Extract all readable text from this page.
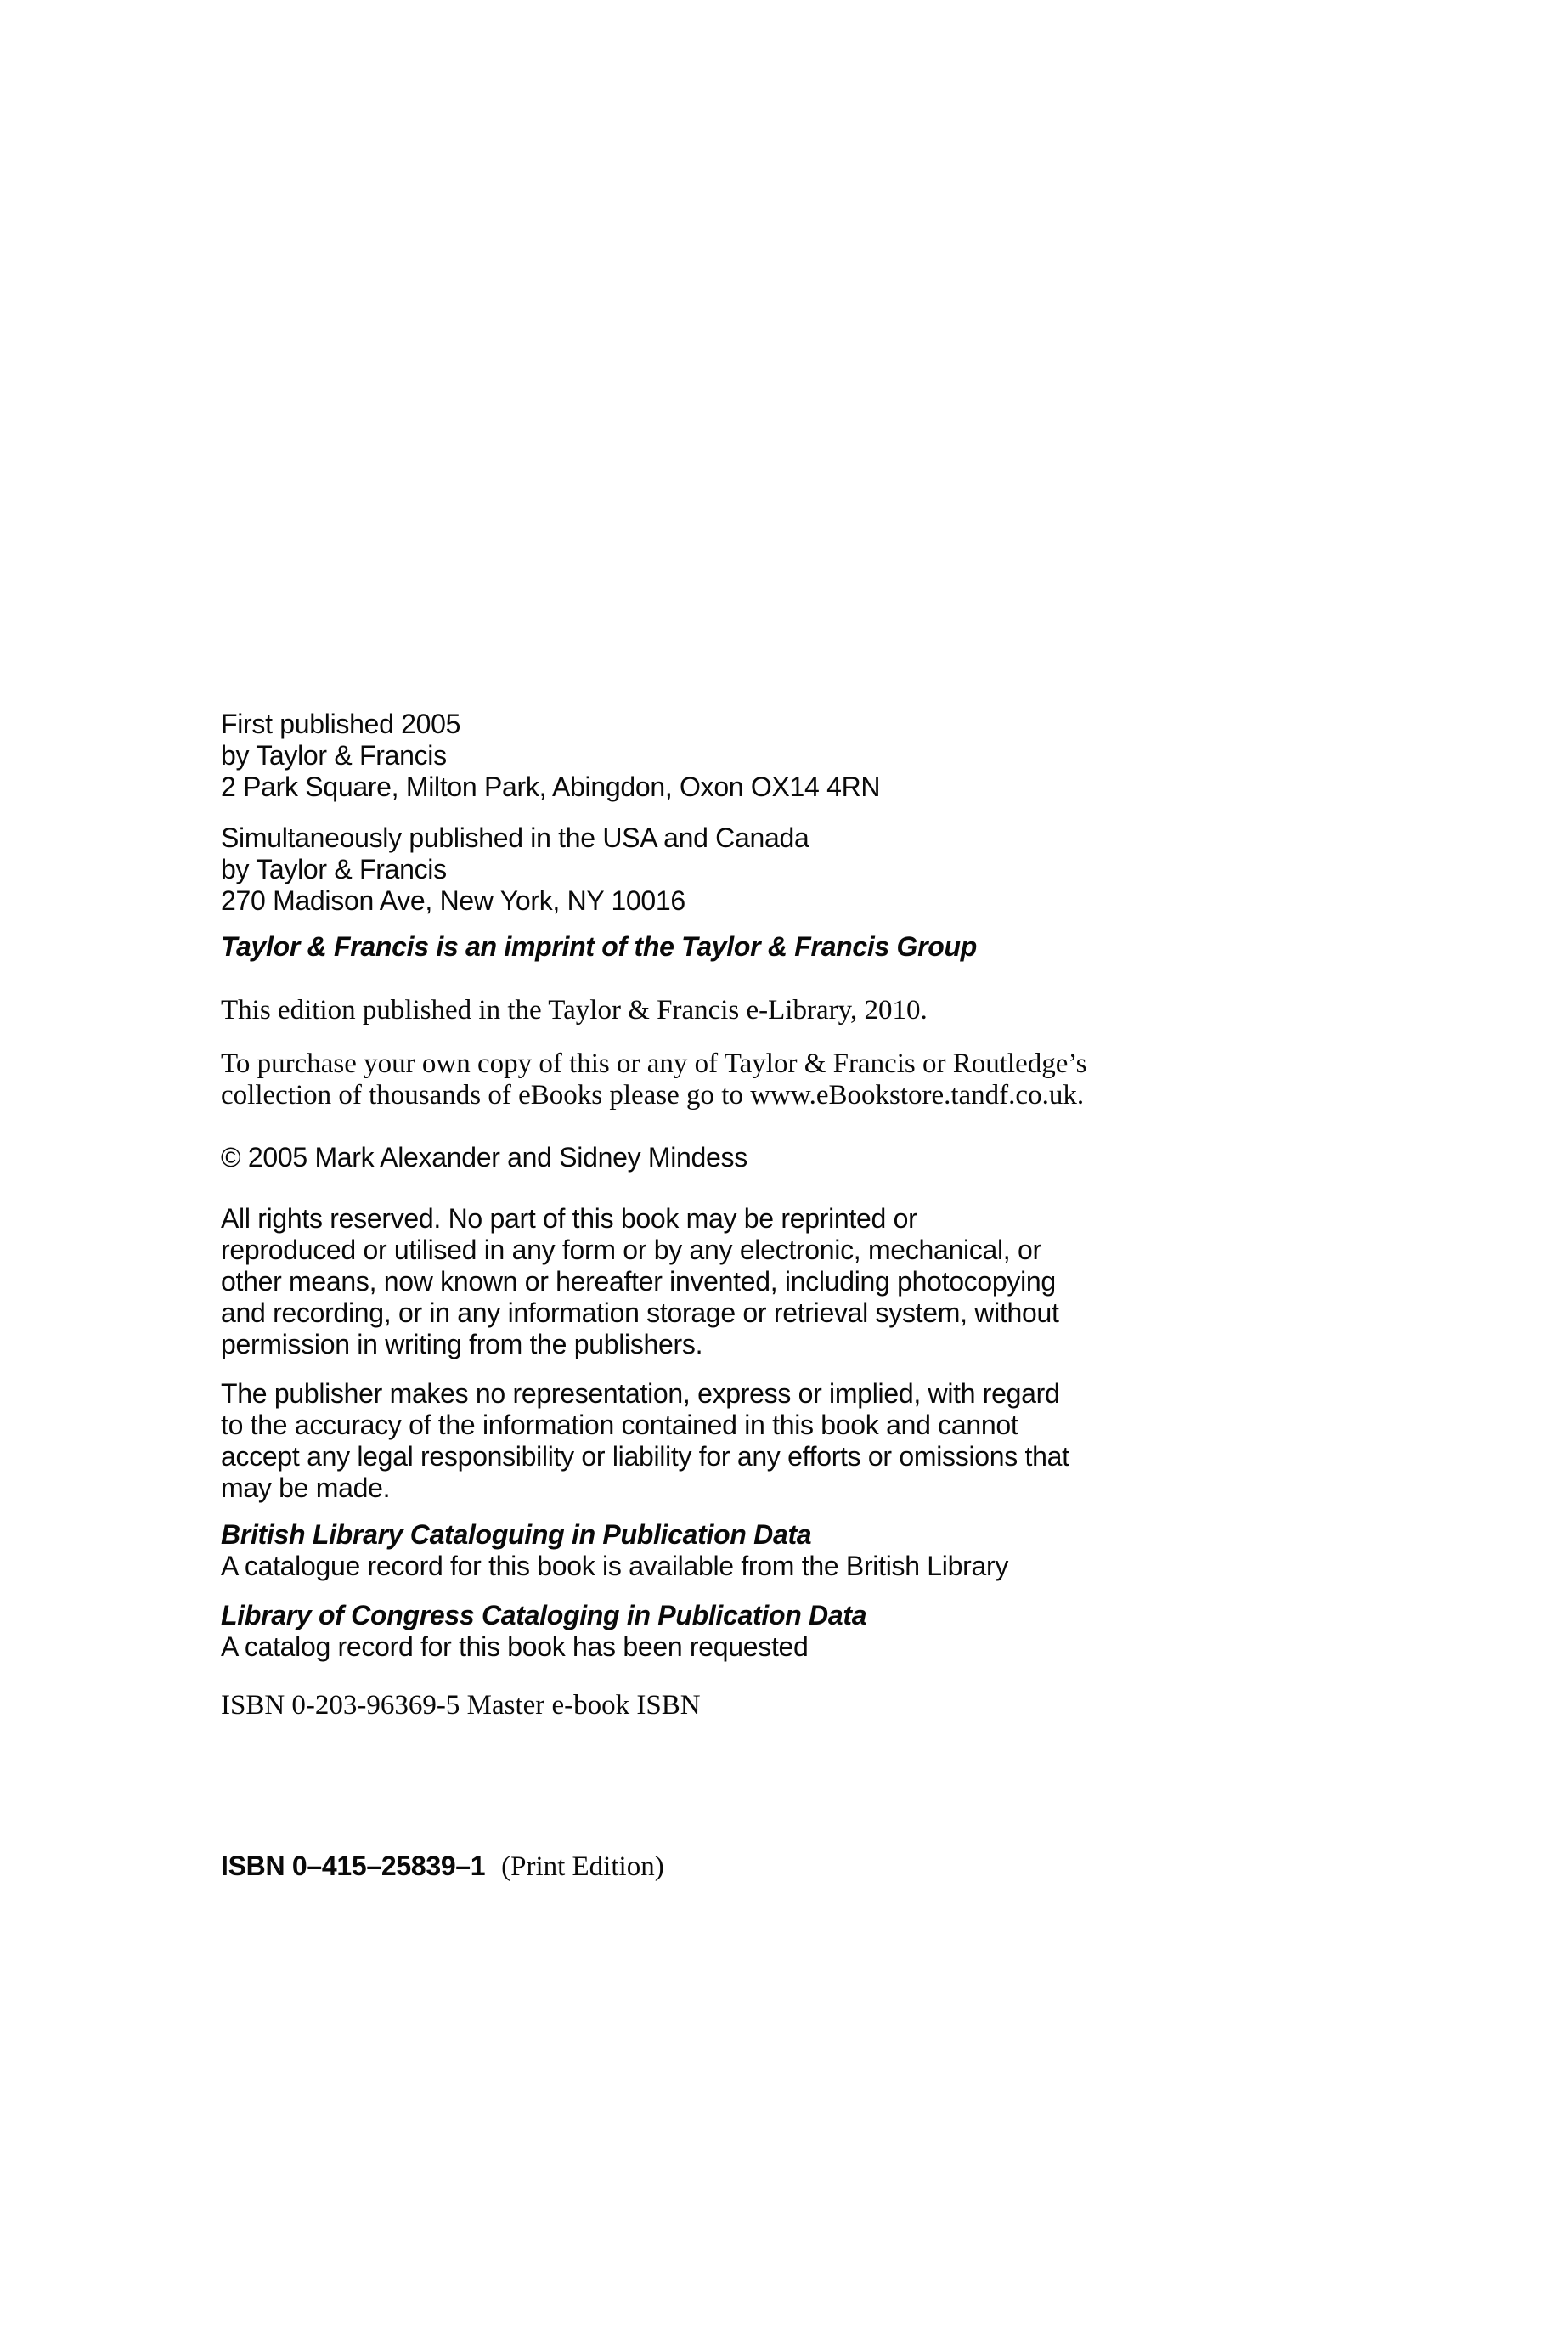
First published 2005
by Taylor & Francis
2 Park Square, Milton Park, Abingdon, Oxon OX14 4RN
Simultaneously published in the USA and Canada
by Taylor & Francis
270 Madison Ave, New York, NY 10016
Taylor & Francis is an imprint of the Taylor & Francis Group
This edition published in the Taylor & Francis e-Library, 2010.
To purchase your own copy of this or any of Taylor & Francis or Routledge’s
collection of thousands of eBooks please go to www.eBookstore.tandf.co.uk.
© 2005 Mark Alexander and Sidney Mindess
All rights reserved. No part of this book may be reprinted or
reproduced or utilised in any form or by any electronic, mechanical, or
other means, now known or hereafter invented, including photocopying
and recording, or in any information storage or retrieval system, without
permission in writing from the publishers.
The publisher makes no representation, express or implied, with regard
to the accuracy of the information contained in this book and cannot
accept any legal responsibility or liability for any efforts or omissions that
may be made.
British Library Cataloguing in Publication Data
A catalogue record for this book is available from the British Library
Library of Congress Cataloging in Publication Data
A catalog record for this book has been requested
ISBN 0-203-96369-5 Master e-book ISBN
ISBN 0–415–25839–1 (Print Edition)
